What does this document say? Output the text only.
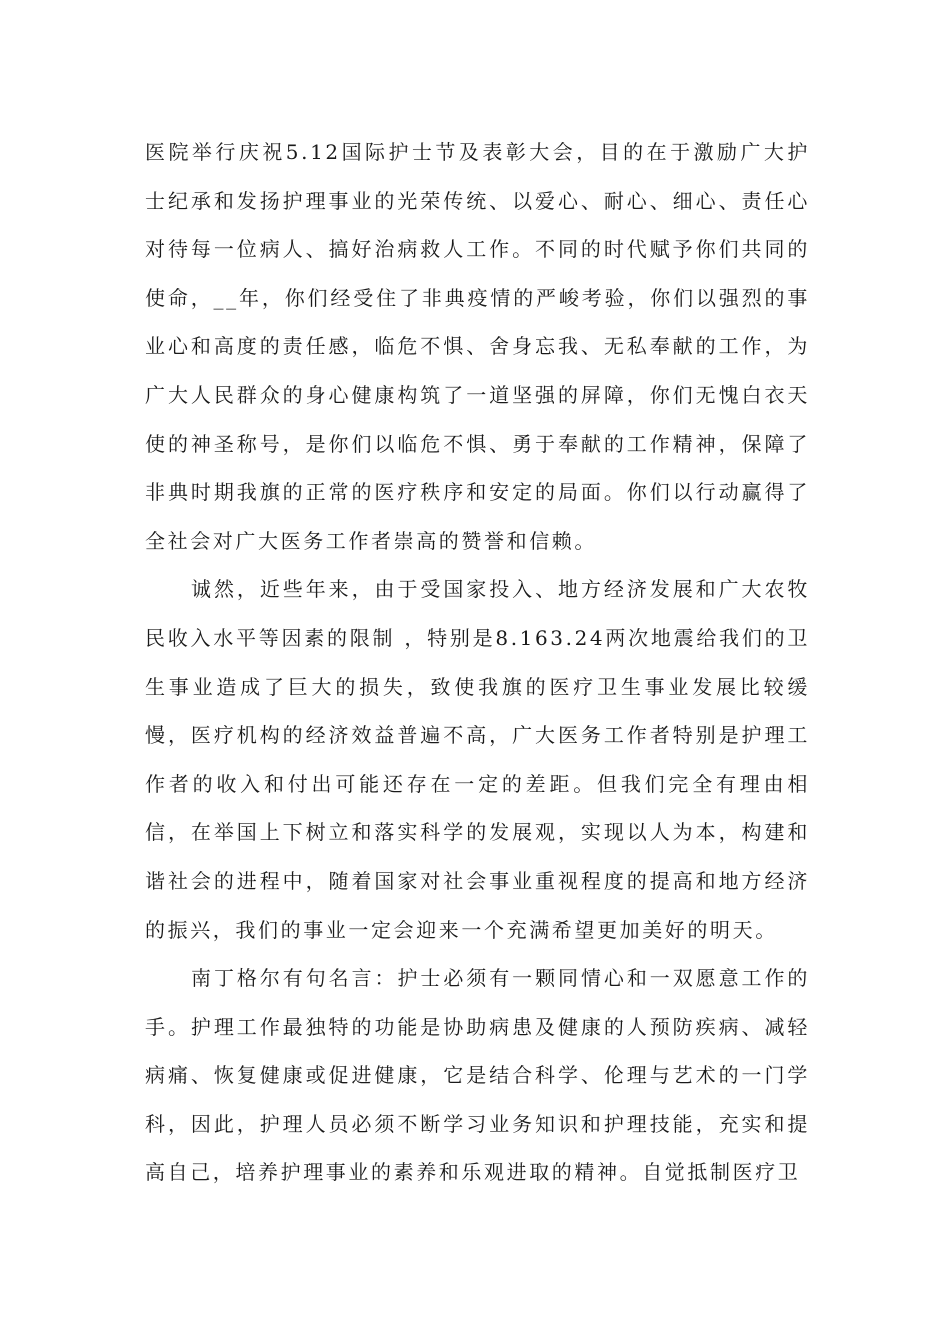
医院举行庆祝5.12国际护士节及表彰大会，目的在于激励广大护士纪承和发扬护理事业的光荣传统、以爱心、耐心、细心、责任心对待每一位病人、搞好治病救人工作。不同的时代赋予你们共同的使命，__年，你们经受住了非典疫情的严峻考验，你们以强烈的事业心和高度的责任感，临危不惧、舍身忘我、无私奉献的工作，为广大人民群众的身心健康构筑了一道坚强的屏障，你们无愧白衣天使的神圣称号，是你们以临危不惧、勇于奉献的工作精神，保障了非典时期我旗的正常的医疗秩序和安定的局面。你们以行动赢得了全社会对广大医务工作者崇高的赞誉和信赖。

诚然，近些年来，由于受国家投入、地方经济发展和广大农牧民收入水平等因素的限制 ，特别是8.163.24两次地震给我们的卫生事业造成了巨大的损失，致使我旗的医疗卫生事业发展比较缓慢，医疗机构的经济效益普遍不高，广大医务工作者特别是护理工作者的收入和付出可能还存在一定的差距。但我们完全有理由相信，在举国上下树立和落实科学的发展观，实现以人为本，构建和谐社会的进程中，随着国家对社会事业重视程度的提高和地方经济的振兴，我们的事业一定会迎来一个充满希望更加美好的明天。

南丁格尔有句名言：护士必须有一颗同情心和一双愿意工作的手。护理工作最独特的功能是协助病患及健康的人预防疾病、减轻病痛、恢复健康或促进健康，它是结合科学、伦理与艺术的一门学科，因此，护理人员必须不断学习业务知识和护理技能，充实和提高自己，培养护理事业的素养和乐观进取的精神。自觉抵制医疗卫
